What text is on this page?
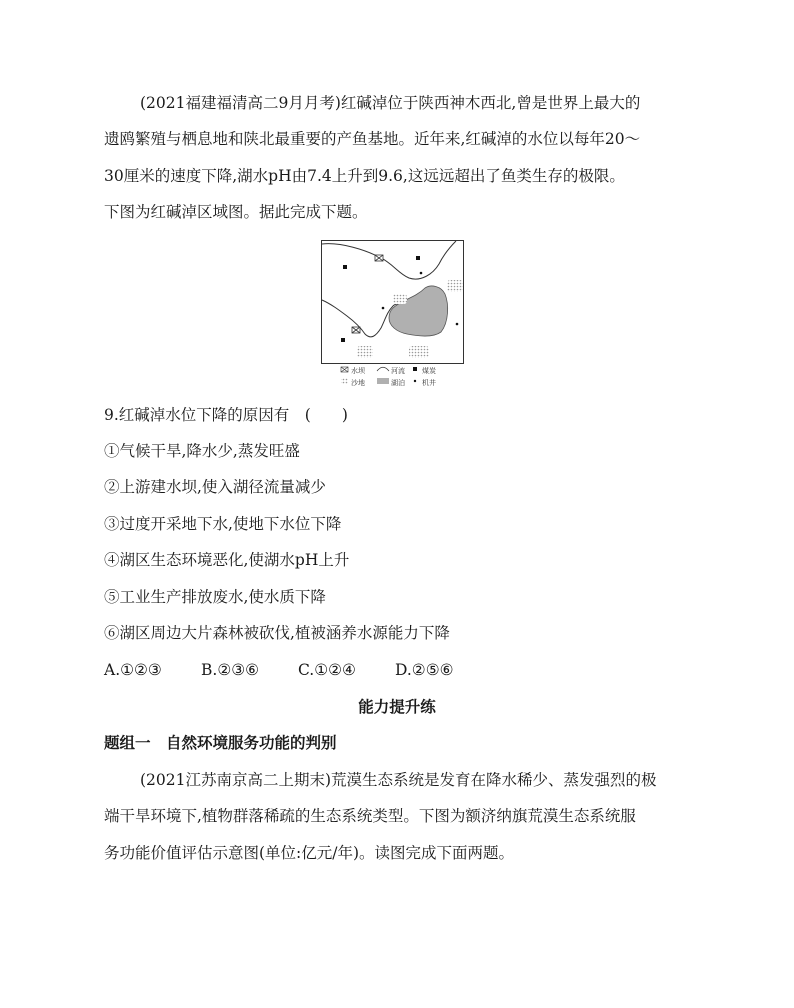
(2021福建福清高二9月月考)红碱淖位于陕西神木西北,曾是世界上最大的
遗鸥繁殖与栖息地和陕北最重要的产鱼基地。近年来,红碱淖的水位以每年20～
30厘米的速度下降,湖水pH由7.4上升到9.6,这远远超出了鱼类生存的极限。
下图为红碱淖区域图。据此完成下题。
水坝	河流 煤炭
沙地	湖泊 机井
9.红碱淖水位下降的原因有　(　　)
①气候干旱,降水少,蒸发旺盛
②上游建水坝,使入湖径流量减少
③过度开采地下水,使地下水位下降
④湖区生态环境恶化,使湖水pH上升
⑤工业生产排放废水,使水质下降
⑥湖区周边大片森林被砍伐,植被涵养水源能力下降
A.①②③	B.②③⑥	C.①②④	D.②⑤⑥
能力提升练
题组一　自然环境服务功能的判别
(2021江苏南京高二上期末)荒漠生态系统是发育在降水稀少、蒸发强烈的极
端干旱环境下,植物群落稀疏的生态系统类型。下图为额济纳旗荒漠生态系统服
务功能价值评估示意图(单位:亿元/年)。读图完成下面两题。
